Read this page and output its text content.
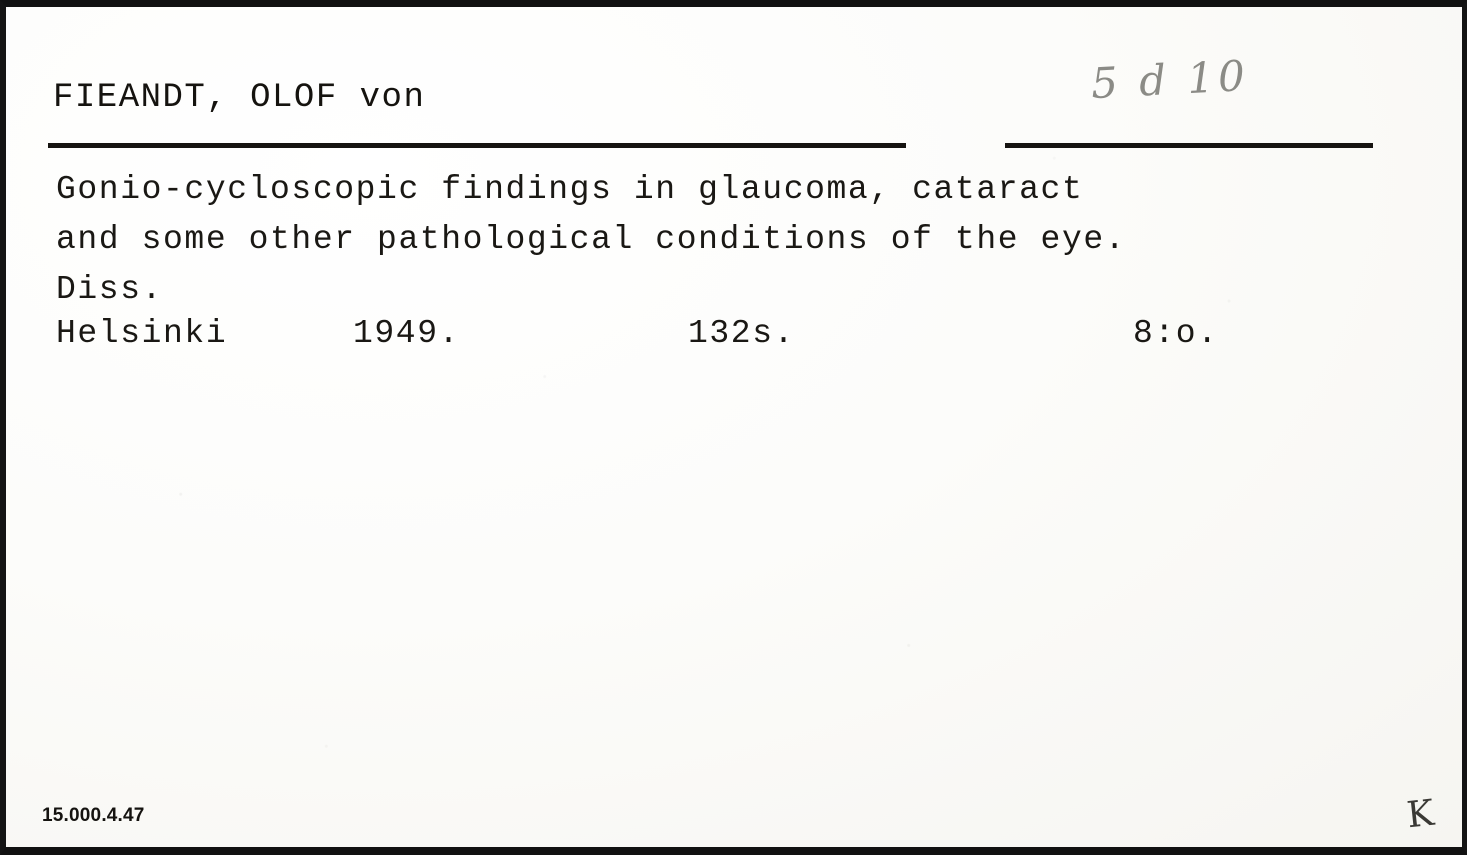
FIEANDT, OLOF von	5 d 10
Gonio-cycloscopic findings in glaucoma, cataract
and some other pathological conditions of the eye.
Diss.
Helsinki	1949.	132s.	8:o.
15.000.4.47	K
